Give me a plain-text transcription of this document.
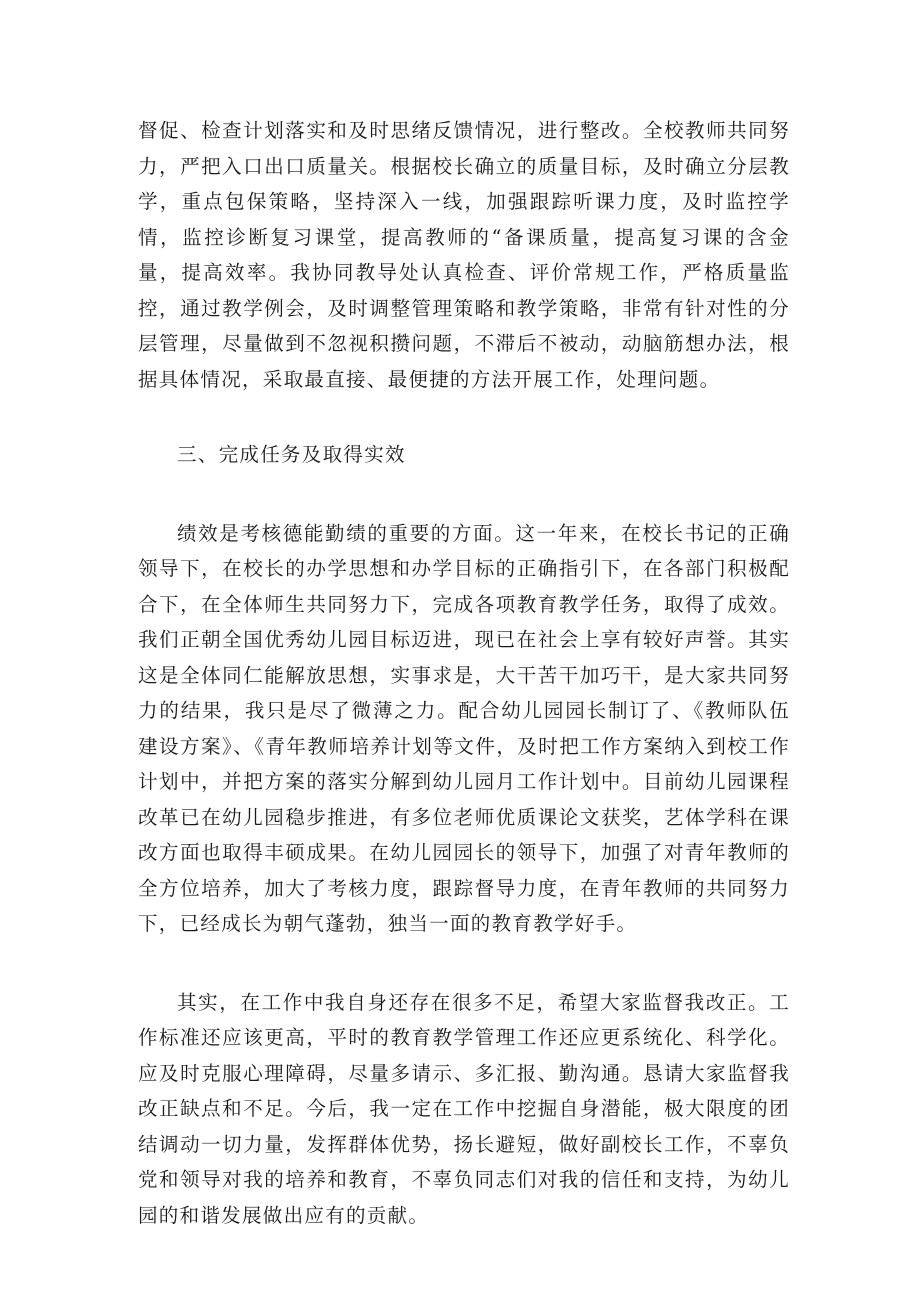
督促、检查计划落实和及时思绪反馈情况，进行整改。全校教师共同努力，严把入口出口质量关。根据校长确立的质量目标，及时确立分层教学，重点包保策略，坚持深入一线，加强跟踪听课力度，及时监控学情，监控诊断复习课堂，提高教师的“备课质量，提高复习课的含金量，提高效率。我协同教导处认真检查、评价常规工作，严格质量监控，通过教学例会，及时调整管理策略和教学策略，非常有针对性的分层管理，尽量做到不忽视积攒问题，不滞后不被动，动脑筋想办法，根据具体情况，采取最直接、最便捷的方法开展工作，处理问题。

三、完成任务及取得实效

绩效是考核德能勤绩的重要的方面。这一年来，在校长书记的正确领导下，在校长的办学思想和办学目标的正确指引下，在各部门积极配合下，在全体师生共同努力下，完成各项教育教学任务，取得了成效。我们正朝全国优秀幼儿园目标迈进，现已在社会上享有较好声誉。其实这是全体同仁能解放思想，实事求是，大干苦干加巧干，是大家共同努力的结果，我只是尽了微薄之力。配合幼儿园园长制订了、《教师队伍建设方案》、《青年教师培养计划等文件，及时把工作方案纳入到校工作计划中，并把方案的落实分解到幼儿园月工作计划中。目前幼儿园课程改革已在幼儿园稳步推进，有多位老师优质课论文获奖，艺体学科在课改方面也取得丰硕成果。在幼儿园园长的领导下，加强了对青年教师的全方位培养，加大了考核力度，跟踪督导力度，在青年教师的共同努力下，已经成长为朝气蓬勃，独当一面的教育教学好手。

其实，在工作中我自身还存在很多不足，希望大家监督我改正。工作标准还应该更高，平时的教育教学管理工作还应更系统化、科学化。应及时克服心理障碍，尽量多请示、多汇报、勤沟通。恳请大家监督我改正缺点和不足。今后，我一定在工作中挖掘自身潜能，极大限度的团结调动一切力量，发挥群体优势，扬长避短，做好副校长工作，不辜负党和领导对我的培养和教育，不辜负同志们对我的信任和支持，为幼儿园的和谐发展做出应有的贡献。
